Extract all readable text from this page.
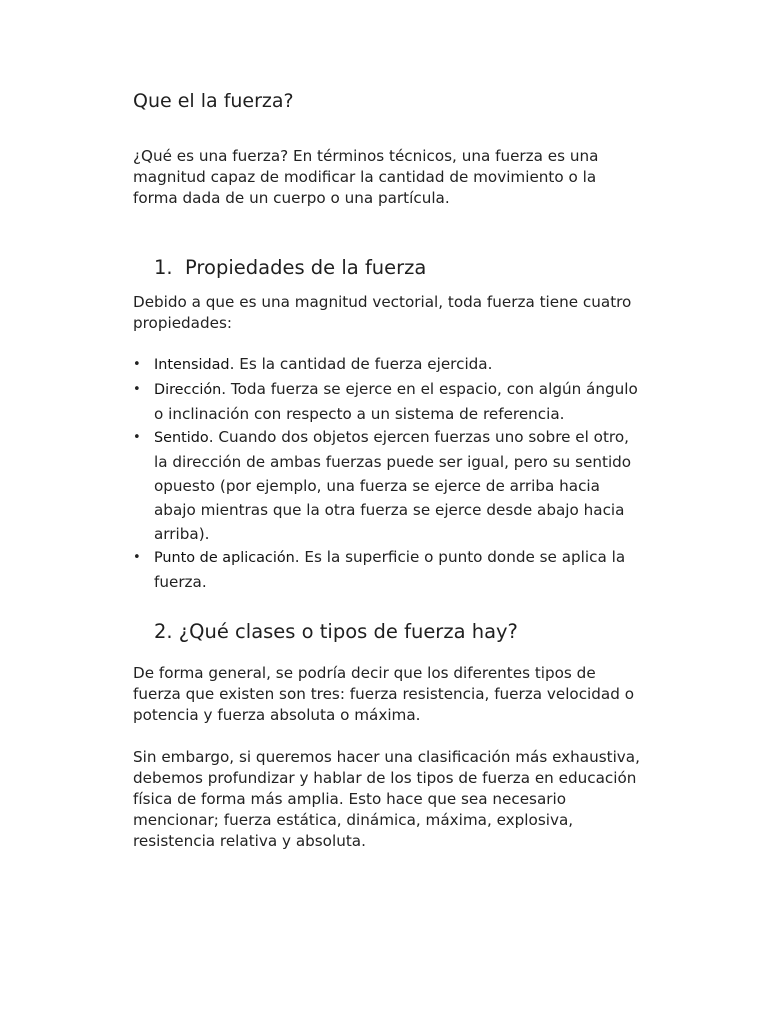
Que el la fuerza?

¿Qué es una fuerza? En términos técnicos, una fuerza es una magnitud capaz de modificar la cantidad de movimiento o la forma dada de un cuerpo o una partícula.

1. Propiedades de la fuerza

Debido a que es una magnitud vectorial, toda fuerza tiene cuatro propiedades:

• Intensidad. Es la cantidad de fuerza ejercida.
• Dirección. Toda fuerza se ejerce en el espacio, con algún ángulo o inclinación con respecto a un sistema de referencia.
• Sentido. Cuando dos objetos ejercen fuerzas uno sobre el otro, la dirección de ambas fuerzas puede ser igual, pero su sentido opuesto (por ejemplo, una fuerza se ejerce de arriba hacia abajo mientras que la otra fuerza se ejerce desde abajo hacia arriba).
• Punto de aplicación. Es la superficie o punto donde se aplica la fuerza.
2. ¿Qué clases o tipos de fuerza hay?

De forma general, se podría decir que los diferentes tipos de fuerza que existen son tres: fuerza resistencia, fuerza velocidad o potencia y fuerza absoluta o máxima.

Sin embargo, si queremos hacer una clasificación más exhaustiva, debemos profundizar y hablar de los tipos de fuerza en educación física de forma más amplia. Esto hace que sea necesario mencionar; fuerza estática, dinámica, máxima, explosiva, resistencia relativa y absoluta.
